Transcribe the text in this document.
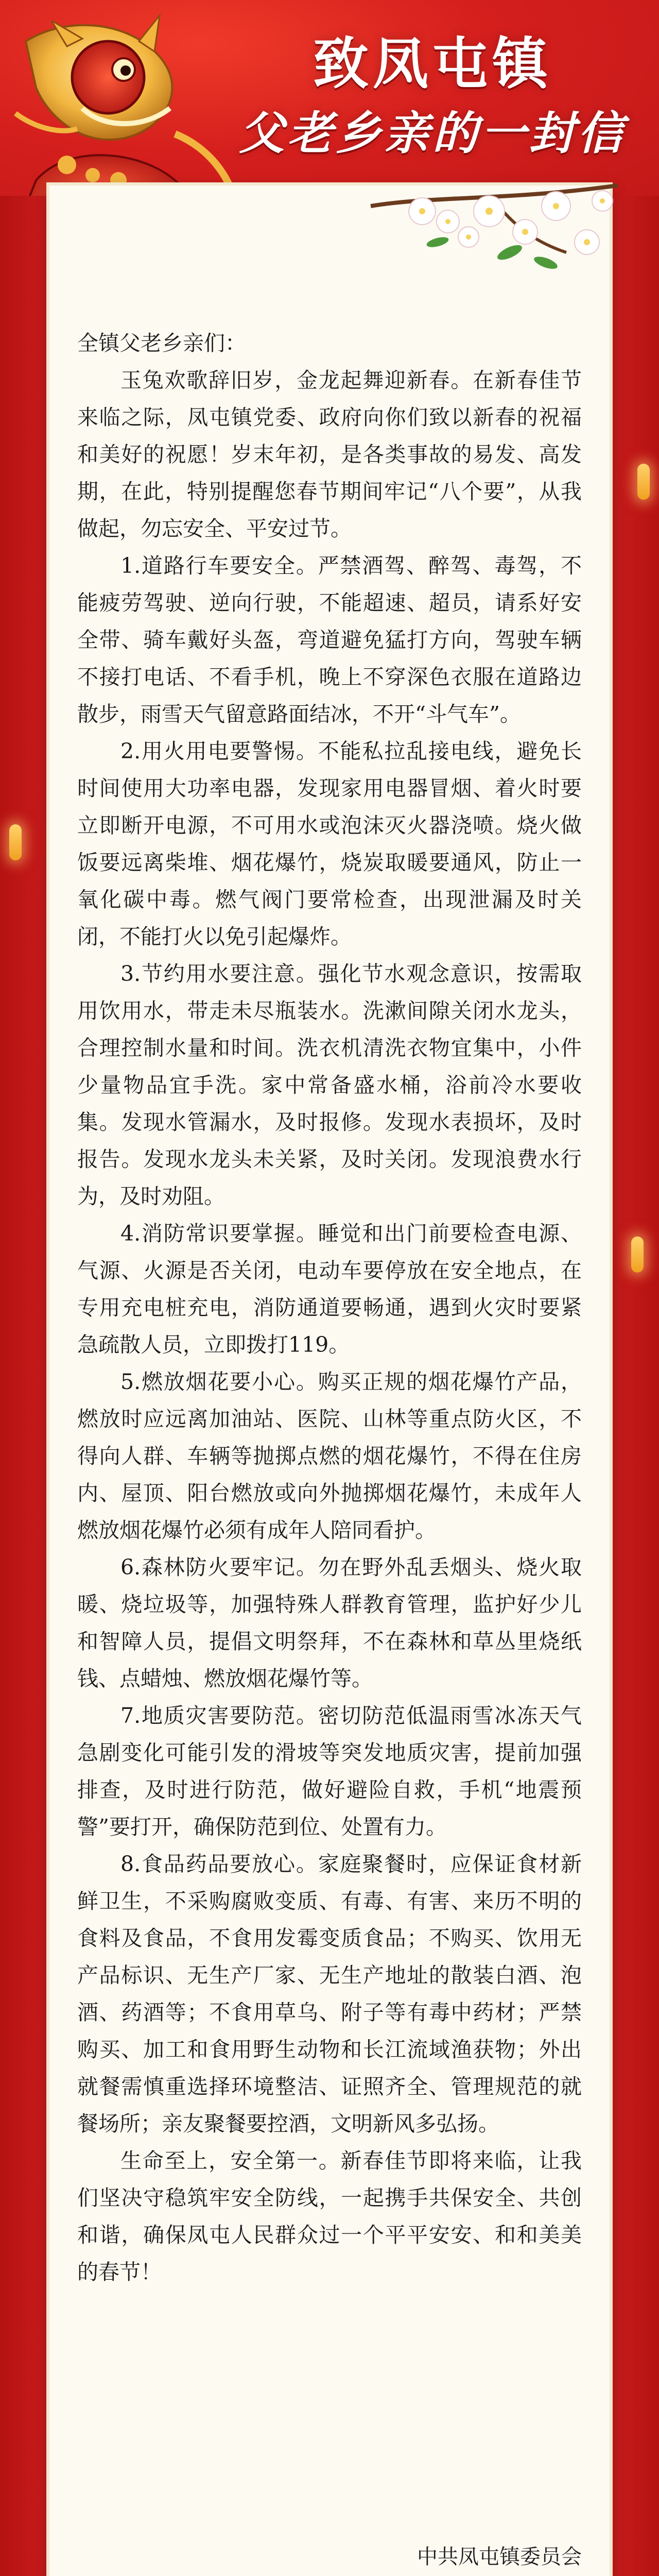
致凤屯镇
父老乡亲的一封信

全镇父老乡亲们：

玉兔欢歌辞旧岁，金龙起舞迎新春。在新春佳节来临之际，凤屯镇党委、政府向你们致以新春的祝福和美好的祝愿！岁末年初，是各类事故的易发、高发期，在此，特别提醒您春节期间牢记“八个要”，从我做起，勿忘安全、平安过节。

1.道路行车要安全。严禁酒驾、醉驾、毒驾，不能疲劳驾驶、逆向行驶，不能超速、超员，请系好安全带、骑车戴好头盔，弯道避免猛打方向，驾驶车辆不接打电话、不看手机，晚上不穿深色衣服在道路边散步，雨雪天气留意路面结冰，不开“斗气车”。

2.用火用电要警惕。不能私拉乱接电线，避免长时间使用大功率电器，发现家用电器冒烟、着火时要立即断开电源，不可用水或泡沫灭火器浇喷。烧火做饭要远离柴堆、烟花爆竹，烧炭取暖要通风，防止一氧化碳中毒。燃气阀门要常检查，出现泄漏及时关闭，不能打火以免引起爆炸。

3.节约用水要注意。强化节水观念意识，按需取用饮用水，带走未尽瓶装水。洗漱间隙关闭水龙头，合理控制水量和时间。洗衣机清洗衣物宜集中，小件少量物品宜手洗。家中常备盛水桶，浴前冷水要收集。发现水管漏水，及时报修。发现水表损坏，及时报告。发现水龙头未关紧，及时关闭。发现浪费水行为，及时劝阻。

4.消防常识要掌握。睡觉和出门前要检查电源、气源、火源是否关闭，电动车要停放在安全地点，在专用充电桩充电，消防通道要畅通，遇到火灾时要紧急疏散人员，立即拨打119。

5.燃放烟花要小心。购买正规的烟花爆竹产品，燃放时应远离加油站、医院、山林等重点防火区，不得向人群、车辆等抛掷点燃的烟花爆竹，不得在住房内、屋顶、阳台燃放或向外抛掷烟花爆竹，未成年人燃放烟花爆竹必须有成年人陪同看护。

6.森林防火要牢记。勿在野外乱丢烟头、烧火取暖、烧垃圾等，加强特殊人群教育管理，监护好少儿和智障人员，提倡文明祭拜，不在森林和草丛里烧纸钱、点蜡烛、燃放烟花爆竹等。

7.地质灾害要防范。密切防范低温雨雪冰冻天气急剧变化可能引发的滑坡等突发地质灾害，提前加强排查，及时进行防范，做好避险自救，手机“地震预警”要打开，确保防范到位、处置有力。

8.食品药品要放心。家庭聚餐时，应保证食材新鲜卫生，不采购腐败变质、有毒、有害、来历不明的食料及食品，不食用发霉变质食品；不购买、饮用无产品标识、无生产厂家、无生产地址的散装白酒、泡酒、药酒等；不食用草乌、附子等有毒中药材；严禁购买、加工和食用野生动物和长江流域渔获物；外出就餐需慎重选择环境整洁、证照齐全、管理规范的就餐场所；亲友聚餐要控酒，文明新风多弘扬。

生命至上，安全第一。新春佳节即将来临，让我们坚决守稳筑牢安全防线，一起携手共保安全、共创和谐，确保凤屯人民群众过一个平平安安、和和美美的春节！

中共凤屯镇委员会
